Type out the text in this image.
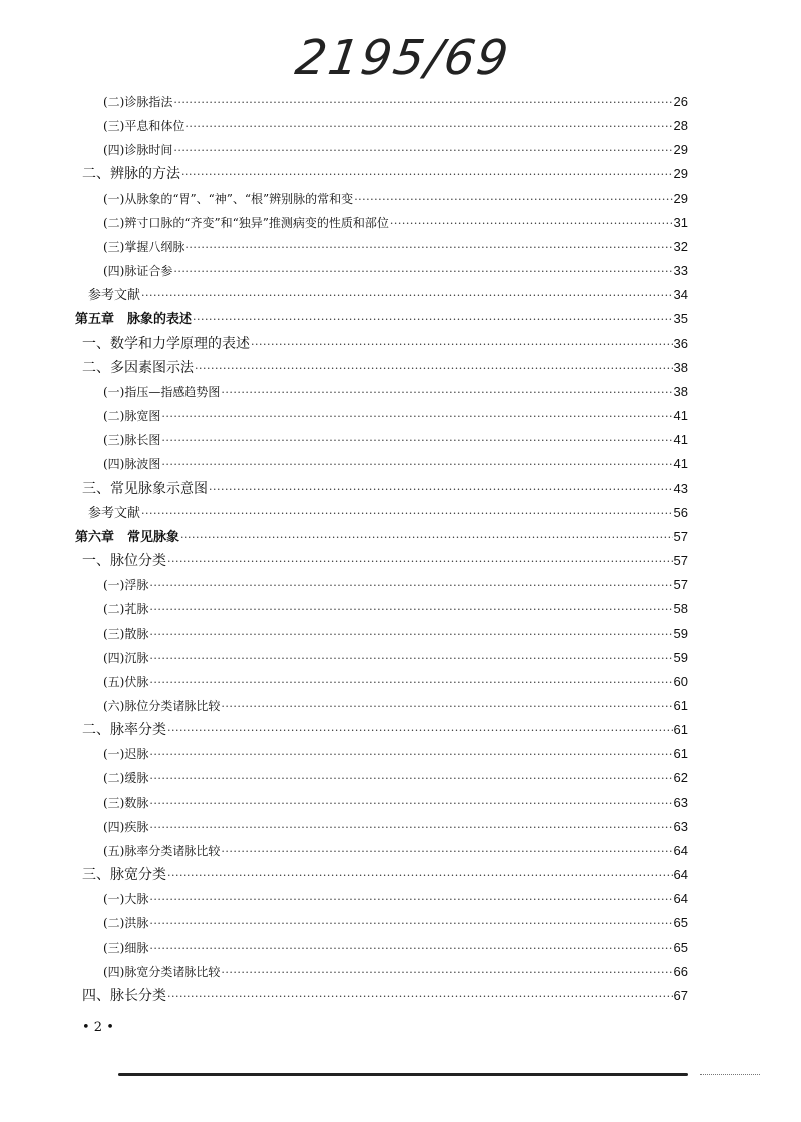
2195/69
(二)诊脉指法 ·····	26
(三)平息和体位 ·····	28
(四)诊脉时间 ·····	29
二、辨脉的方法 ·····	29
(一)从脉象的“胃”、“神”、“根”辨别脉的常和变 ·····	29
(二)辨寸口脉的“齐变”和“独异”推测病变的性质和部位 ·····	31
(三)掌握八纲脉 ·····	32
(四)脉证合参 ·····	33
参考文献 ·····	34
第五章　脉象的表述 ·····	35
一、数学和力学原理的表述 ·····	36
二、多因素图示法 ·····	38
(一)指压—指感趋势图 ·····	38
(二)脉宽图 ·····	41
(三)脉长图 ·····	41
(四)脉波图 ·····	41
三、常见脉象示意图 ·····	43
参考文献 ·····	56
第六章　常见脉象 ·····	57
一、脉位分类 ·····	57
(一)浮脉 ·····	57
(二)芤脉 ·····	58
(三)散脉 ·····	59
(四)沉脉 ·····	59
(五)伏脉 ·····	60
(六)脉位分类诸脉比较 ·····	61
二、脉率分类 ·····	61
(一)迟脉 ·····	61
(二)缓脉 ·····	62
(三)数脉 ·····	63
(四)疾脉 ·····	63
(五)脉率分类诸脉比较 ·····	64
三、脉宽分类 ·····	64
(一)大脉 ·····	64
(二)洪脉 ·····	65
(三)细脉 ·····	65
(四)脉宽分类诸脉比较 ·····	66
四、脉长分类 ·····	67
• 2 •
